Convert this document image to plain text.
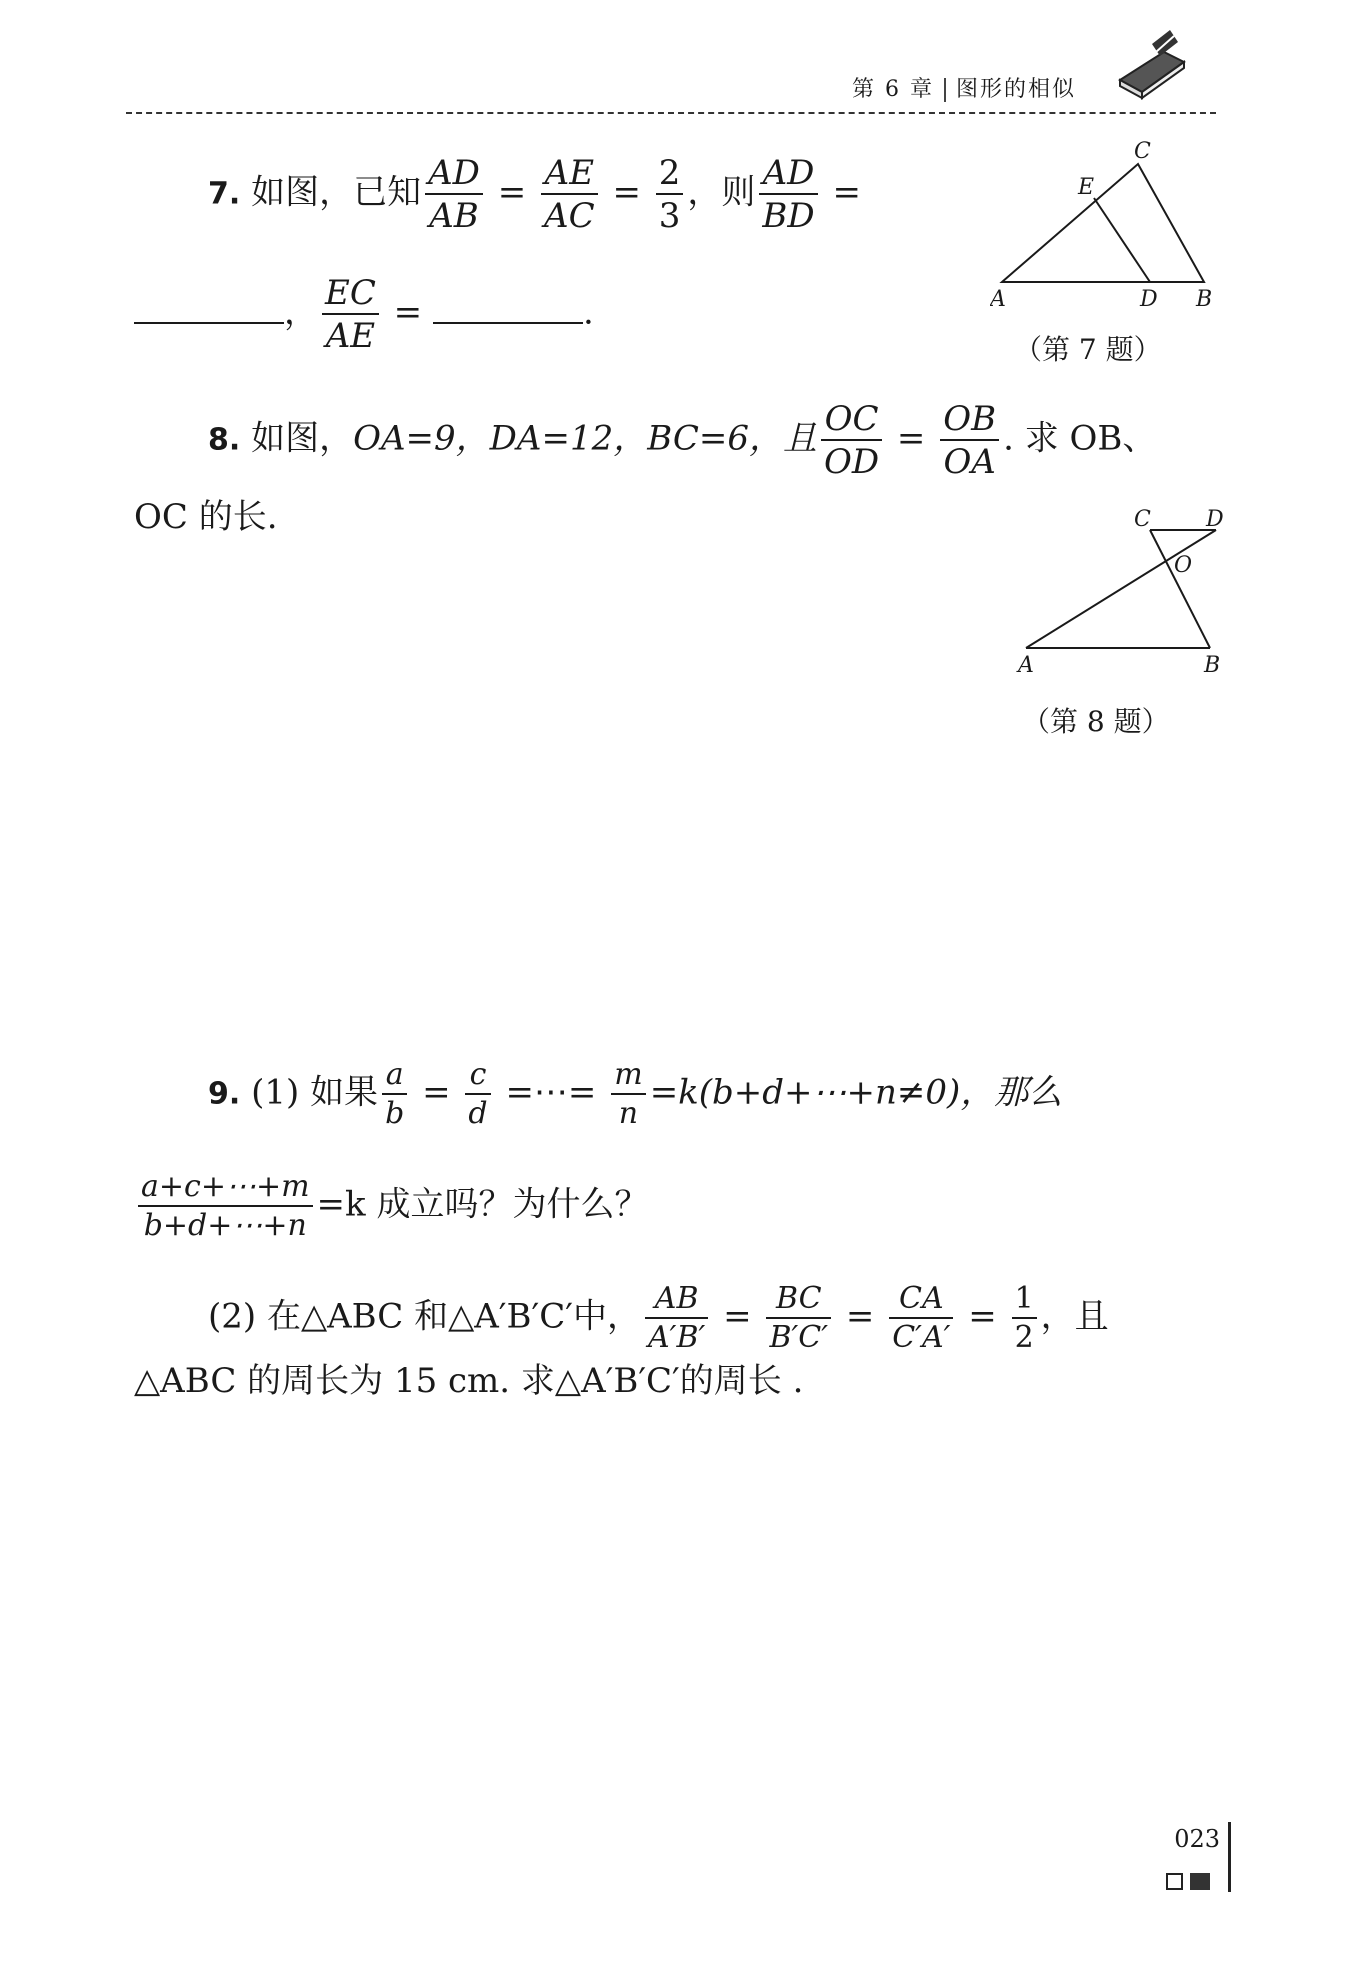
第 6 章 图形的相似
7. 如图，已知 $\frac{AD}{AB} = \frac{AE}{AC} = \frac{2}{3}$ ，则 $\frac{AD}{BD}$ =
， $\frac{EC}{AE}$ =	.
C
E
A	D B
（第 7 题）
8. 如图，OA=9，DA=12，BC=6，且 $\frac{OC}{OD} = \frac{OB}{OA}$ . 求 OB、
OC 的长.	C	D
O
A	B
（第 8 题）
9. (1) 如果 $\frac{a}{b} = \frac{c}{d}$ =⋯= $\frac{m}{n}$ =k(b+d+⋯+n≠0)，那么
$\frac{a+c+\cdots+m}{b+d+\cdots+n} =k$ 成立吗？为什么？
(2) 在△ABC 和△A′B′C′中， $\frac{AB}{A'B'} = \frac{BC}{B'C'} = \frac{CA}{C'A'} = \frac{1}{2}$ ，且
△ABC 的周长为 15 cm. 求△A′B′C′的周长 .
023
